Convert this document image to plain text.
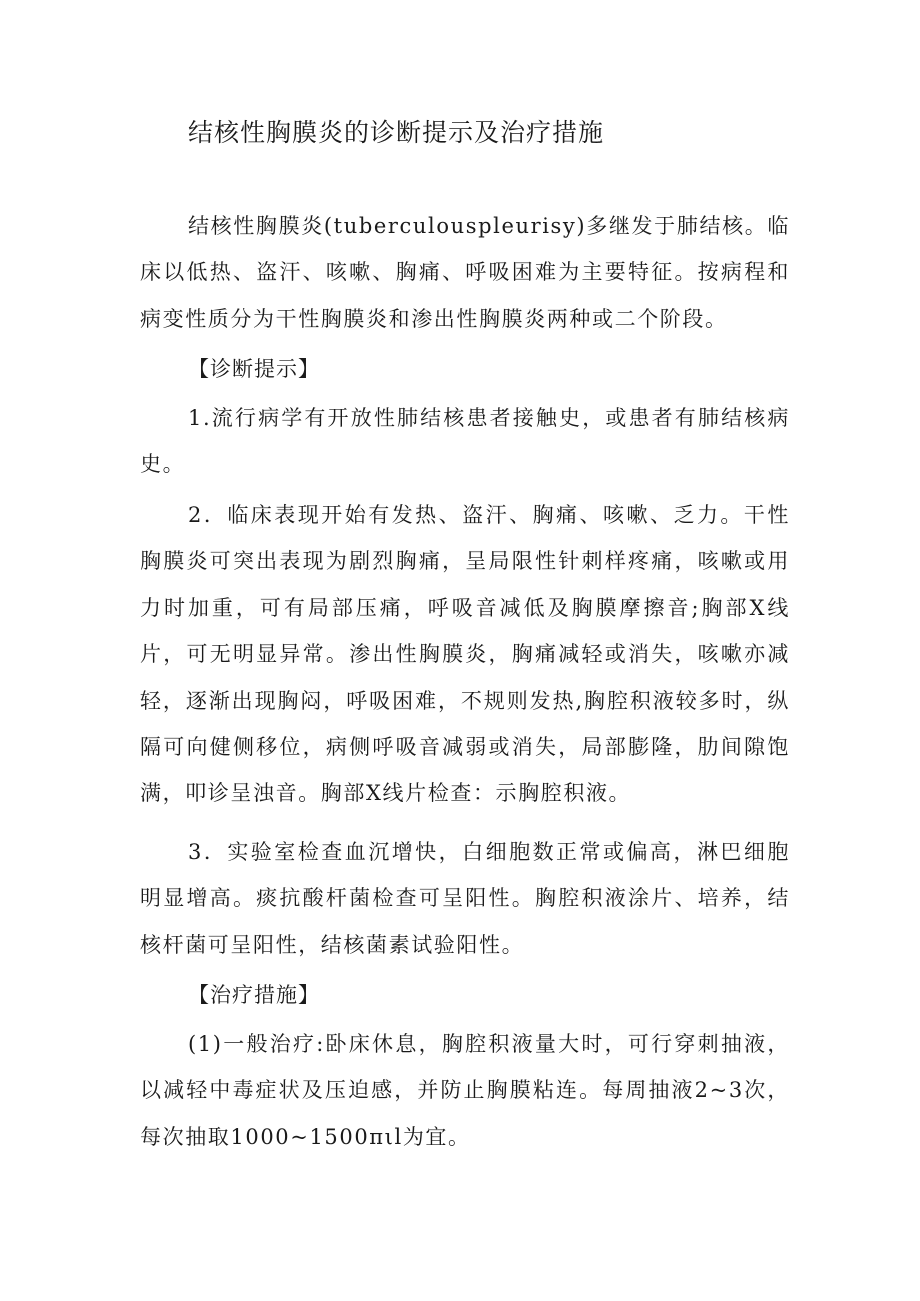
结核性胸膜炎的诊断提示及治疗措施

结核性胸膜炎(tuberculouspleurisy)多继发于肺结核。临床以低热、盗汗、咳嗽、胸痛、呼吸困难为主要特征。按病程和病变性质分为干性胸膜炎和渗出性胸膜炎两种或二个阶段。

【诊断提示】

1.流行病学有开放性肺结核患者接触史，或患者有肺结核病史。

2．临床表现开始有发热、盗汗、胸痛、咳嗽、乏力。干性胸膜炎可突出表现为剧烈胸痛，呈局限性针刺样疼痛，咳嗽或用力时加重，可有局部压痛，呼吸音减低及胸膜摩擦音;胸部X线片，可无明显异常。渗出性胸膜炎，胸痛减轻或消失，咳嗽亦减轻，逐渐出现胸闷，呼吸困难，不规则发热,胸腔积液较多时，纵隔可向健侧移位，病侧呼吸音减弱或消失，局部膨隆，肋间隙饱满，叩诊呈浊音。胸部X线片检查：示胸腔积液。

3．实验室检查血沉增快，白细胞数正常或偏高，淋巴细胞明显增高。痰抗酸杆菌检查可呈阳性。胸腔积液涂片、培养，结核杆菌可呈阳性，结核菌素试验阳性。

【治疗措施】

(1)一般治疗:卧床休息，胸腔积液量大时，可行穿刺抽液，以减轻中毒症状及压迫感，并防止胸膜粘连。每周抽液2~3次，每次抽取1000~1500πιl为宜。
